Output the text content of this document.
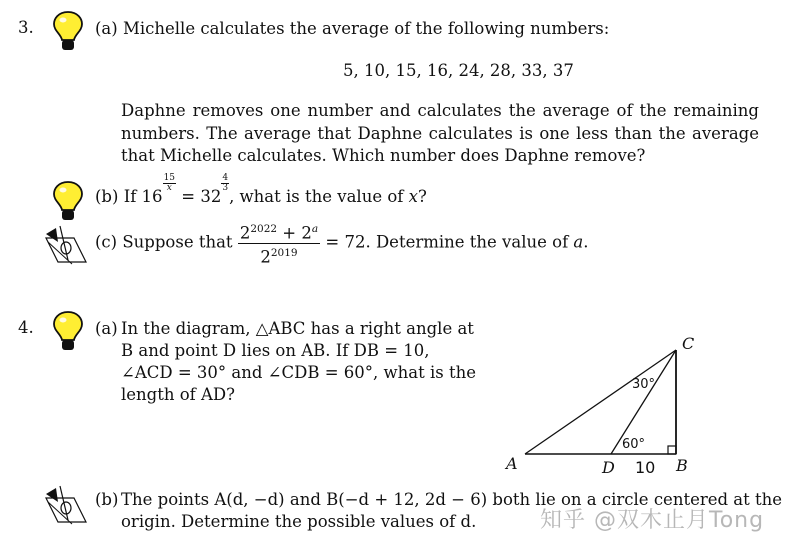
3.	(a) Michelle calculates the average of the following numbers:
5, 10, 15, 16, 24, 28, 33, 37
Daphne removes one number and calculates the average of the remaining numbers. The average that Daphne calculates is one less than the average that Michelle calculates. Which number does Daphne remove?
(b) If 16
$\frac{15}{x}$
= 32
$\frac{4}{3}$
, what is the value of x?
(c) Suppose that $\frac{2^{2022} + 2^a}{2^{2019}} = 72$. Determine the value of a.
4.	(a) In the diagram, △ABC has a right angle at
B and point D lies on AB. If DB = 10,
∠ACD = 30° and ∠CDB = 60°, what is the
length of AD?
C
A	D	B
30°
60°
10
(b) The points A(d, −d) and B(−d + 12, 2d − 6) both lie on a circle centered at the
origin. Determine the possible values of d.	知乎 @双木止月Tong
